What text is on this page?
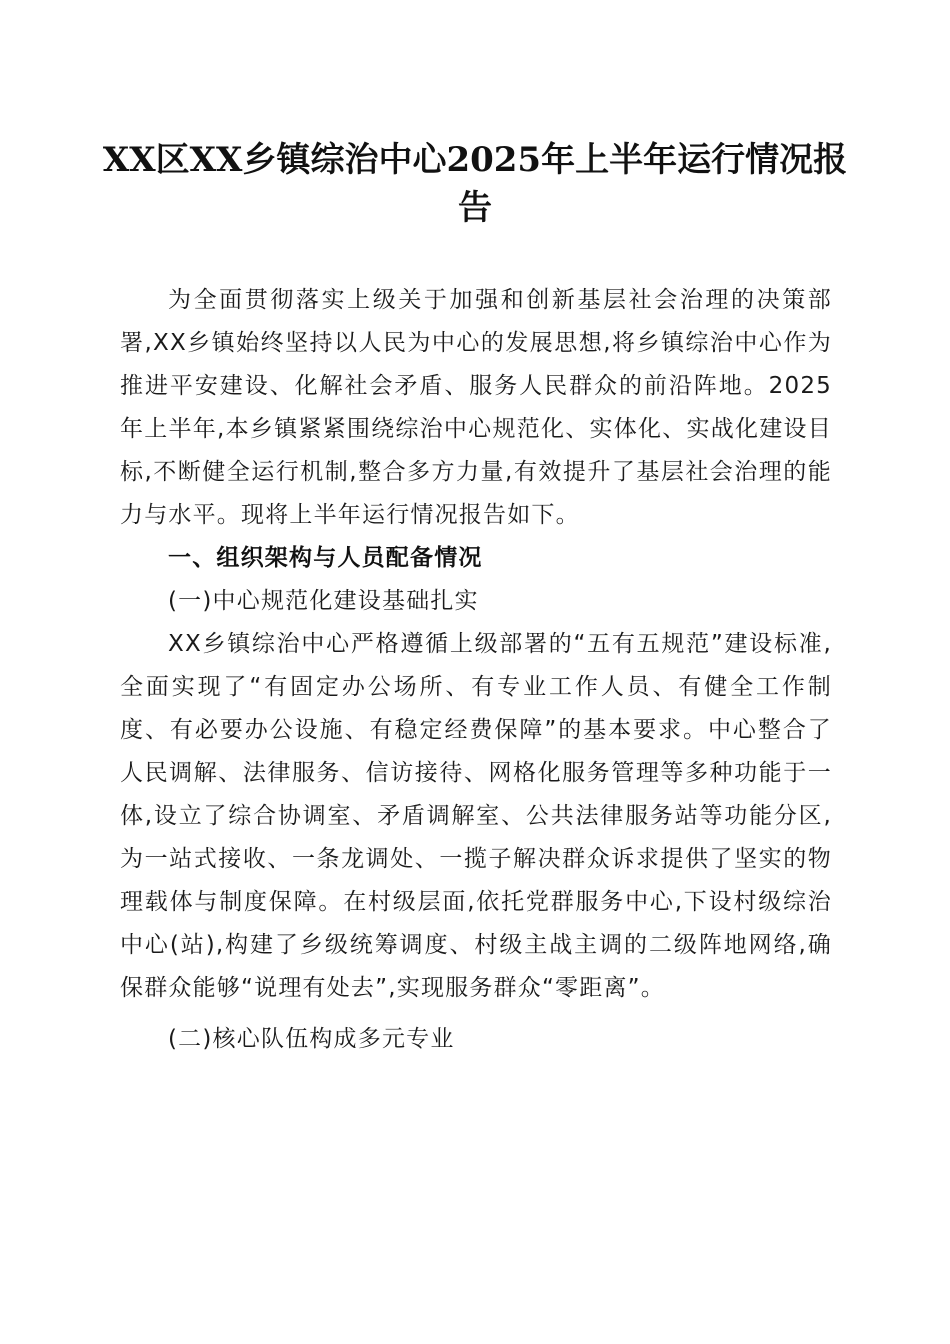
XX区XX乡镇综治中心2025年上半年运行情况报告

为全面贯彻落实上级关于加强和创新基层社会治理的决策部署,XX乡镇始终坚持以人民为中心的发展思想,将乡镇综治中心作为推进平安建设、化解社会矛盾、服务人民群众的前沿阵地。2025年上半年,本乡镇紧紧围绕综治中心规范化、实体化、实战化建设目标,不断健全运行机制,整合多方力量,有效提升了基层社会治理的能力与水平。现将上半年运行情况报告如下。

一、组织架构与人员配备情况

(一)中心规范化建设基础扎实

XX乡镇综治中心严格遵循上级部署的“五有五规范”建设标准,全面实现了“有固定办公场所、有专业工作人员、有健全工作制度、有必要办公设施、有稳定经费保障”的基本要求。中心整合了人民调解、法律服务、信访接待、网格化服务管理等多种功能于一体,设立了综合协调室、矛盾调解室、公共法律服务站等功能分区,为一站式接收、一条龙调处、一揽子解决群众诉求提供了坚实的物理载体与制度保障。在村级层面,依托党群服务中心,下设村级综治中心(站),构建了乡级统筹调度、村级主战主调的二级阵地网络,确保群众能够“说理有处去”,实现服务群众“零距离”。

(二)核心队伍构成多元专业
